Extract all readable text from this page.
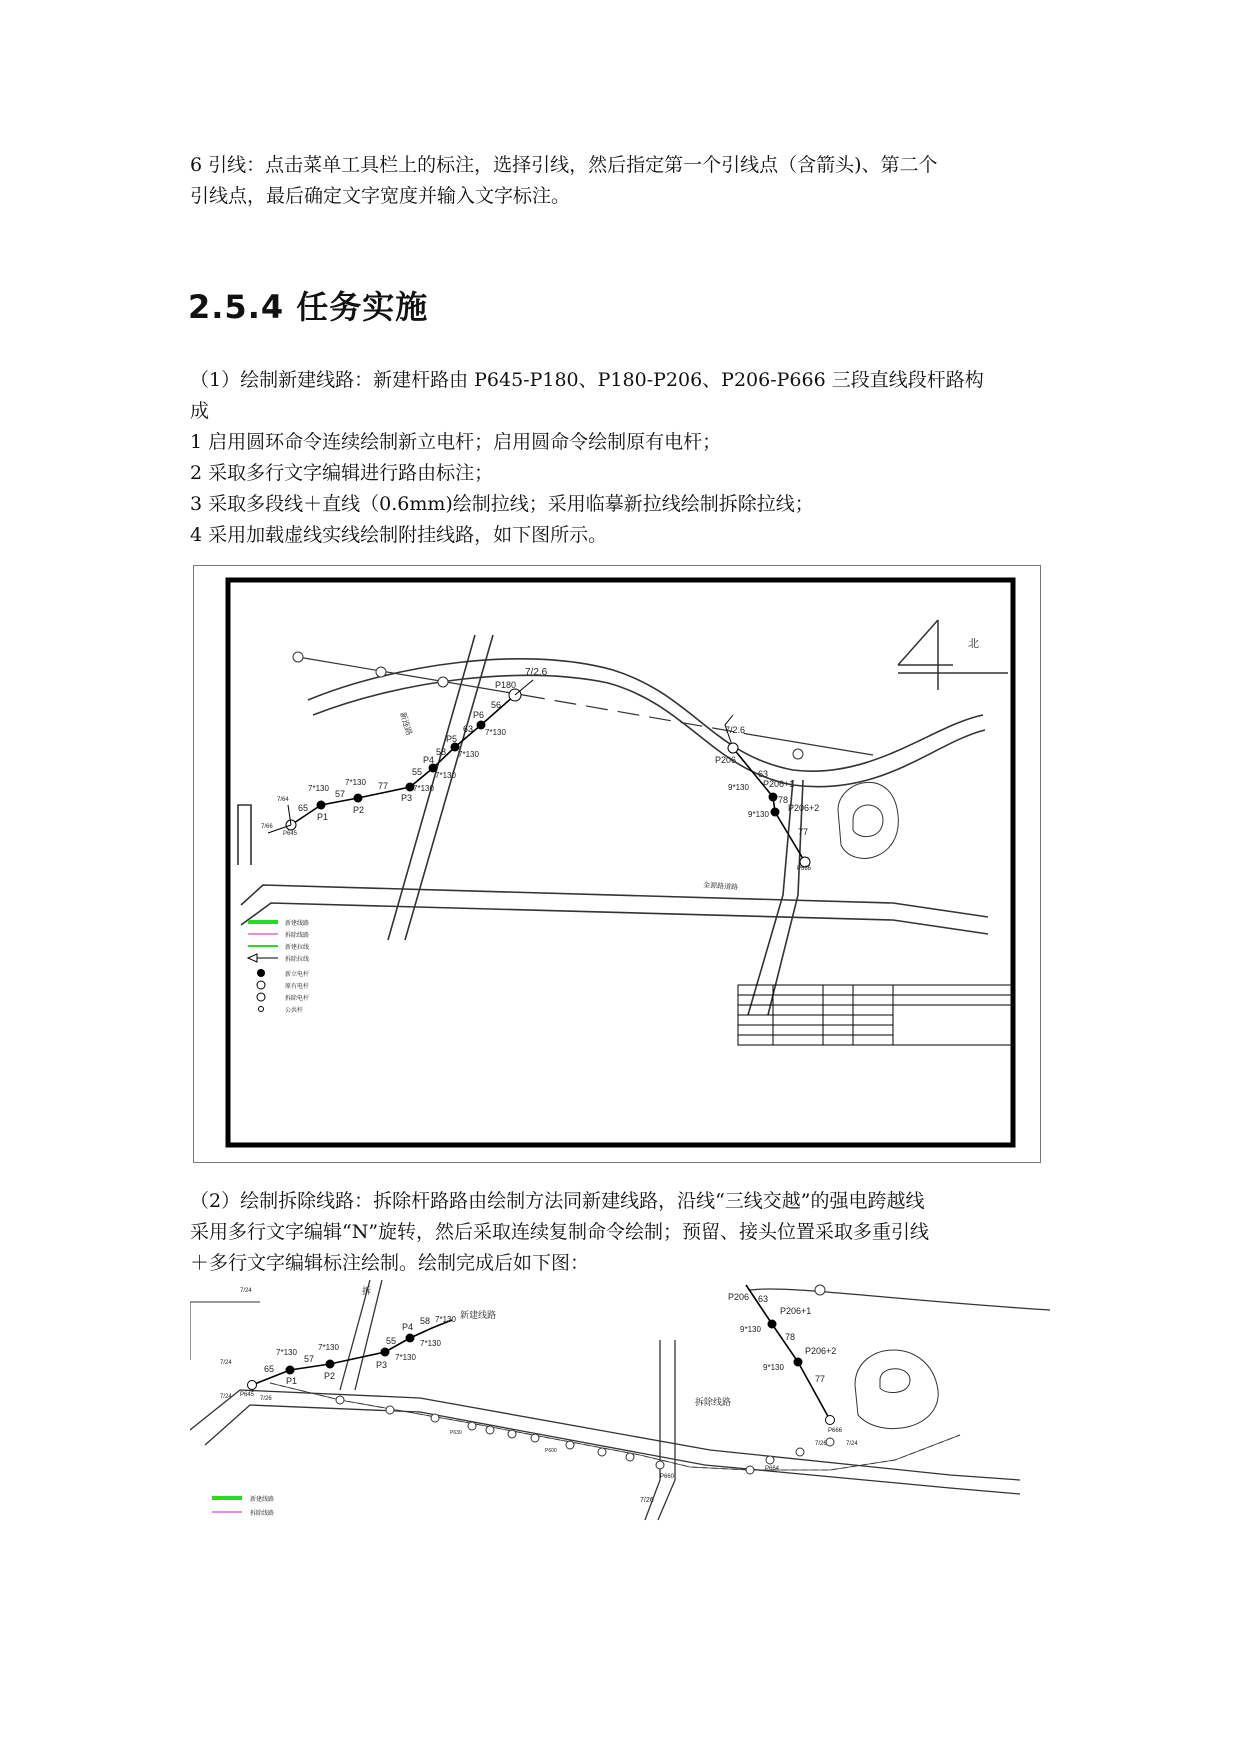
6 引线：点击菜单工具栏上的标注，选择引线，然后指定第一个引线点（含箭头)、第二个
引线点，最后确定文字宽度并输入文字标注。
2.5.4 任务实施
（1）绘制新建线路：新建杆路由 P645-P180、P180-P206、P206-P666 三段直线段杆路构
成
1 启用圆环命令连续绘制新立电杆；启用圆命令绘制原有电杆；
2 采取多行文字编辑进行路由标注；
3 采取多段线＋直线（0.6mm)绘制拉线；采用临摹新拉线绘制拆除拉线；
4 采用加载虚线实线绘制附挂线路，如下图所示。
北
7/2.6
P1
P2
P3
P4
P5
P6
P180
65
57
77
55
58
63
56
7*130
7*130
7*130
7*130
7*130
7*130
7/64
7/66
P645
新连路
金源路道路
7/2.6
P206
P206+1
P206+2
P666
63
78
77
9*130
9*130
新建线路
拆除线路
新建拉线
拆除拉线
新立电杆
原有电杆
拆除电杆
公共杆
（2）绘制拆除线路：拆除杆路路由绘制方法同新建线路，沿线“三线交越”的强电跨越线
采用多行文字编辑“N”旋转，然后采取连续复制命令绘制；预留、接头位置采取多重引线
＋多行文字编辑标注绘制。绘制完成后如下图：
7/24
P630
P600
P660
P664
7/26
P1	P2
P3
P4
65
57
55
58
7*130
7*130
7*130
7*130
7*130
7/24
7/24	7/26
P645
拆
新建线路
拆除线路
P206
P206+1
P206+2
63
78
77
9*130
9*130
P666
7/26	7/24
新建线路
拆除线路
